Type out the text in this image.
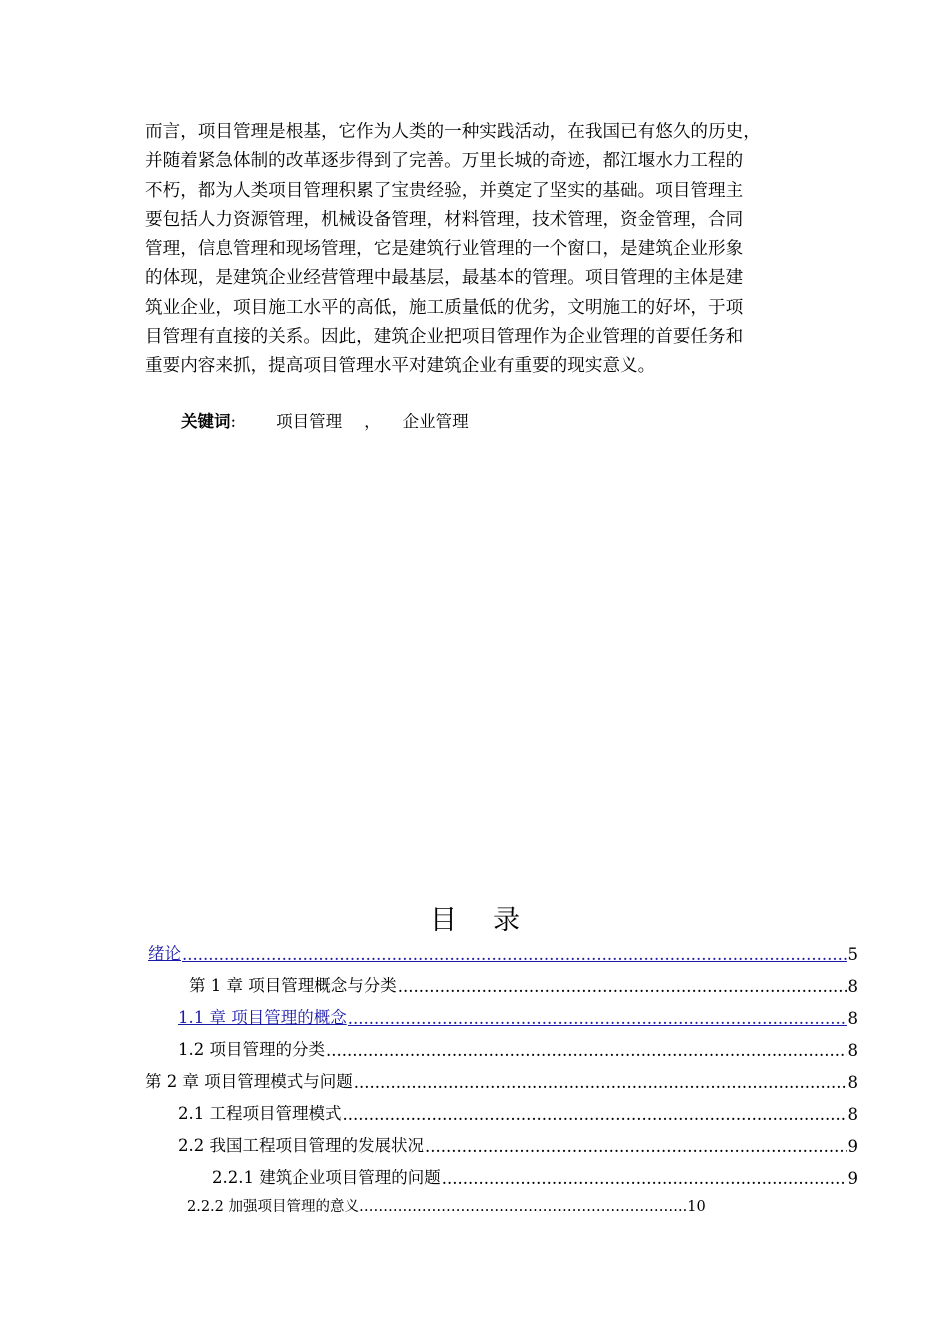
而言，项目管理是根基，它作为人类的一种实践活动，在我国已有悠久的历史，
并随着紧急体制的改革逐步得到了完善。万里长城的奇迹，都江堰水力工程的
不朽，都为人类项目管理积累了宝贵经验，并奠定了坚实的基础。项目管理主
要包括人力资源管理，机械设备管理，材料管理，技术管理，资金管理，合同
管理，信息管理和现场管理，它是建筑行业管理的一个窗口，是建筑企业形象
的体现，是建筑企业经营管理中最基层，最基本的管理。项目管理的主体是建
筑业企业，项目施工水平的高低，施工质量低的优劣，文明施工的好坏，于项
目管理有直接的关系。因此，建筑企业把项目管理作为企业管理的首要任务和
重要内容来抓，提高项目管理水平对建筑企业有重要的现实意义。
关键词: 项目管理 ， 企业管理
目录
绪论 .....	5
第 1 章 项目管理概念与分类 .....	8
1.1 章 项目管理的概念 .....	8
1.2 项目管理的分类 .....	8
第 2 章 项目管理模式与问题 .....	8
2.1 工程项目管理模式 .....	8
2.2 我国工程项目管理的发展状况 .....	9
2.2.1 建筑企业项目管理的问题 .....	9
2.2.2 加强项目管理的意义…………………………………………………………..10
